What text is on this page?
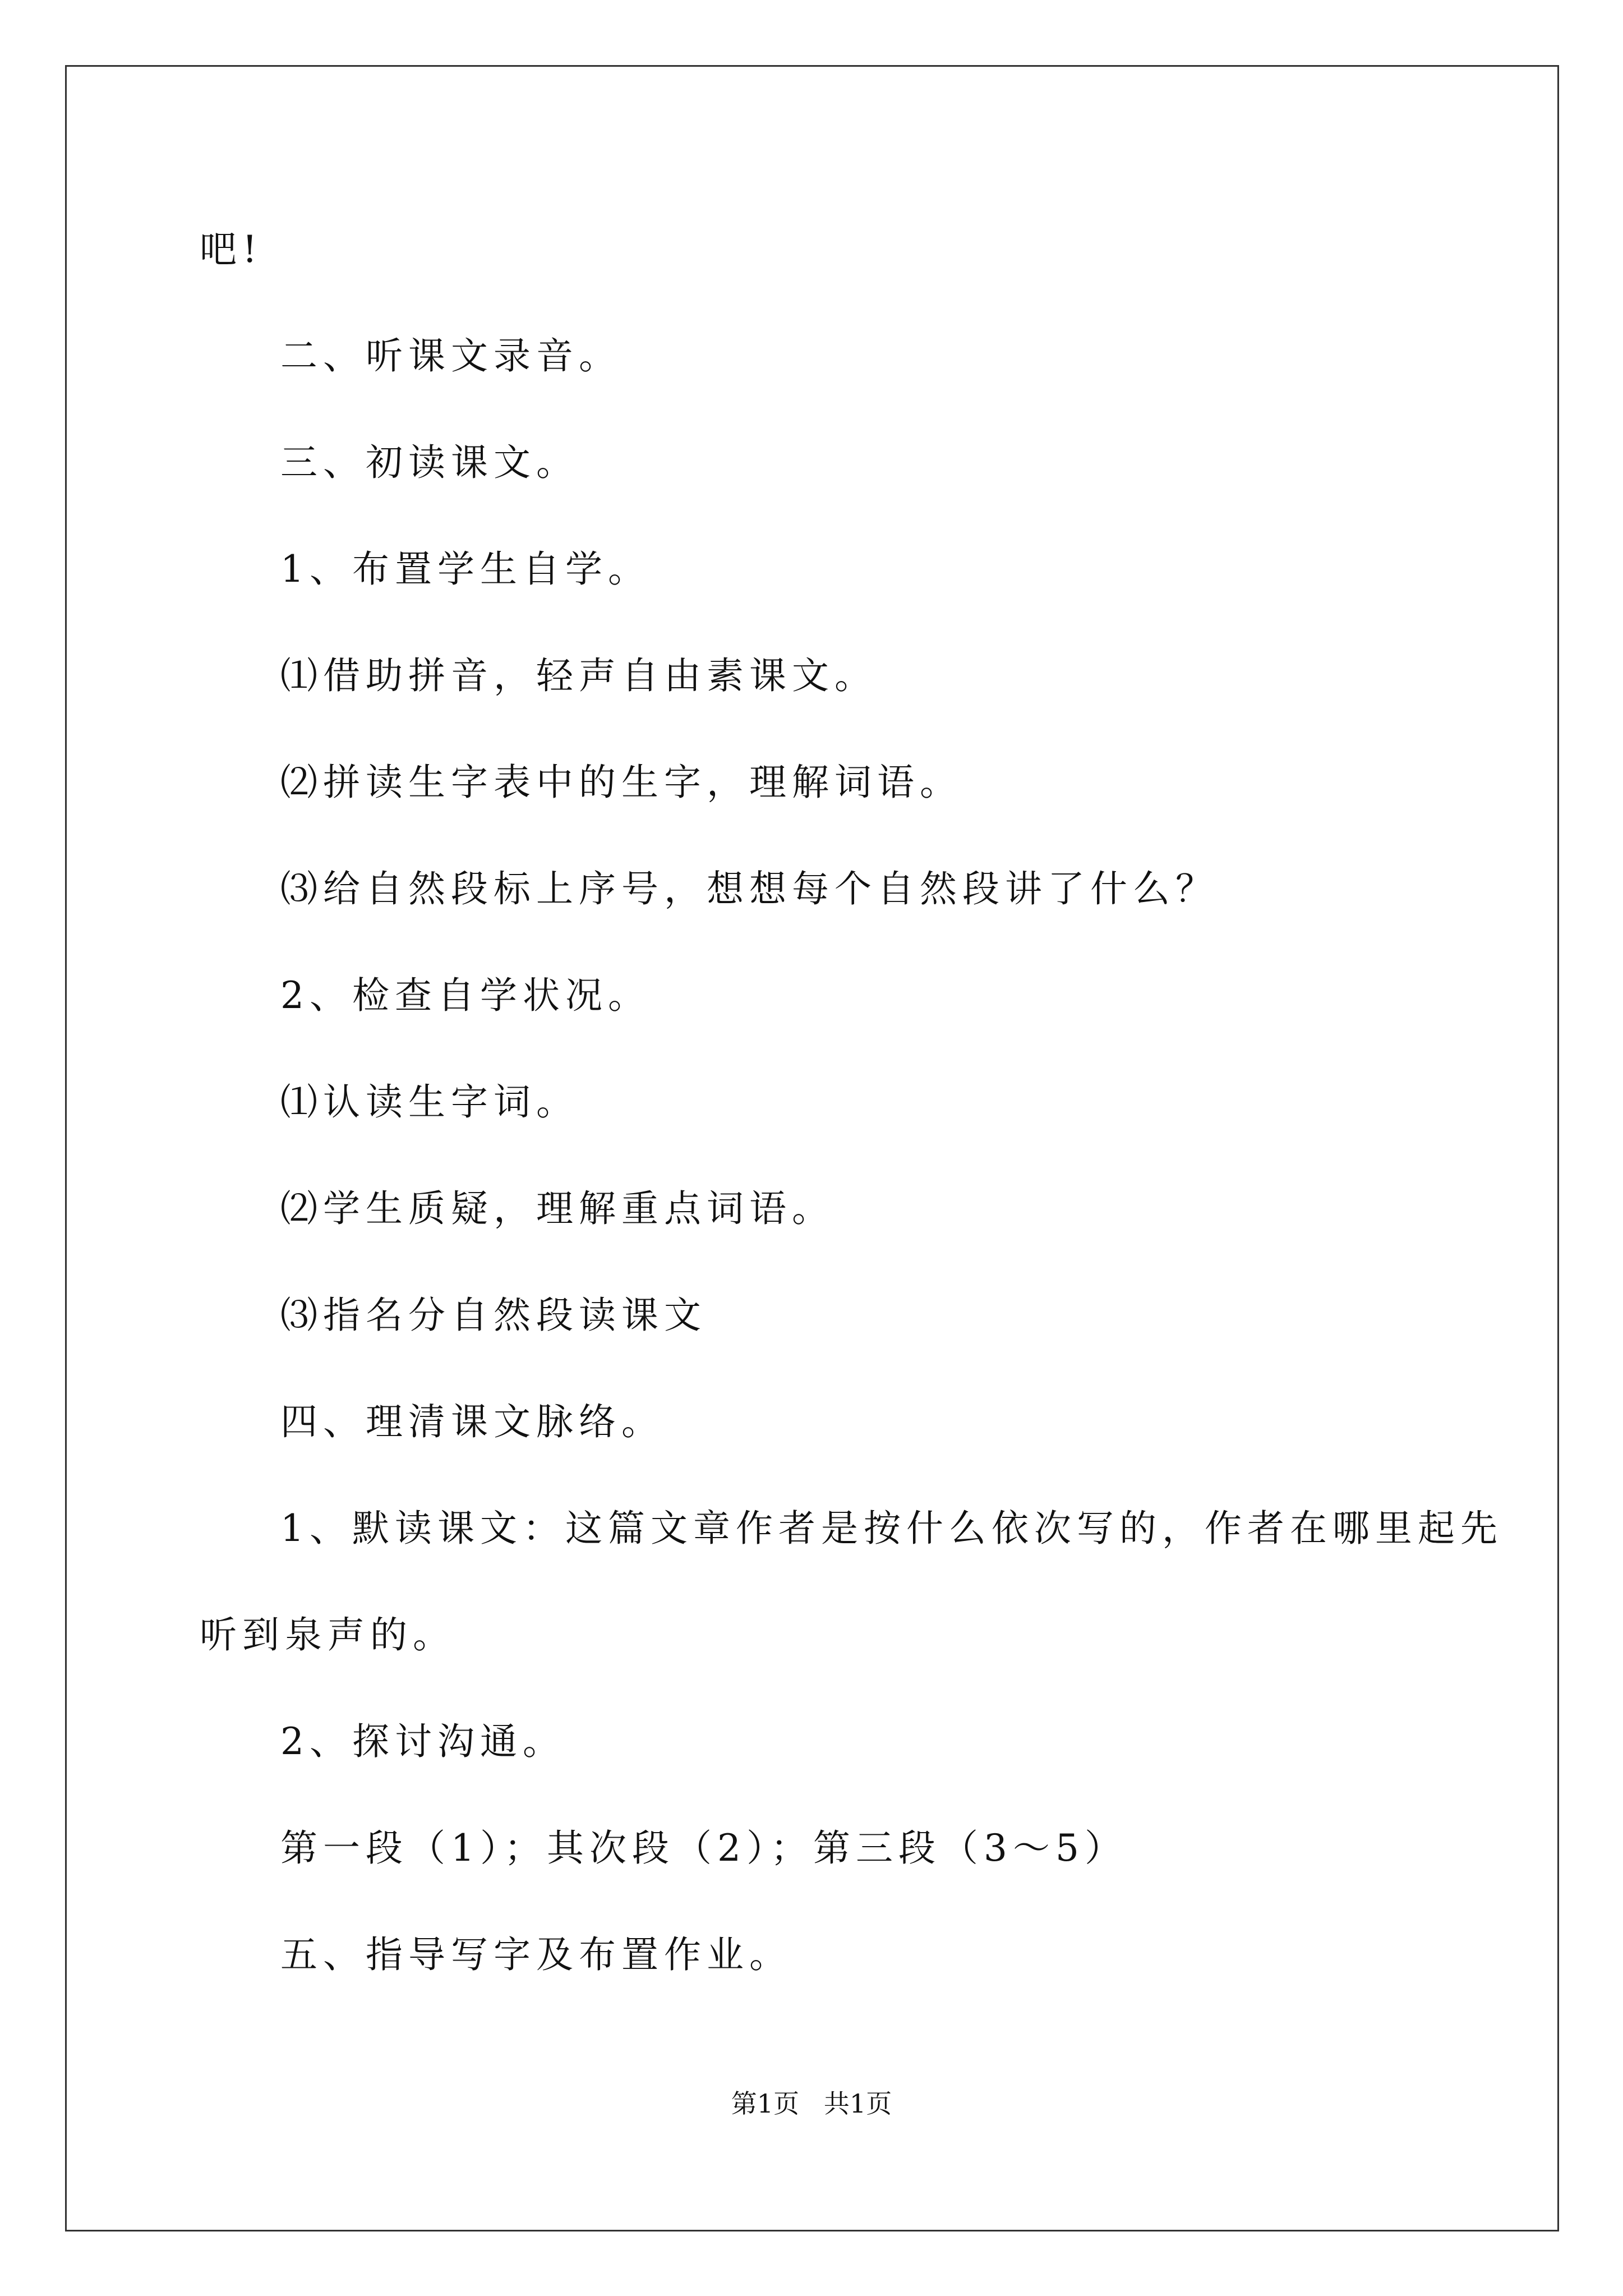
吧!
二、听课文录音。
三、初读课文。
1、布置学生自学。
⑴借助拼音，轻声自由素课文。
⑵拼读生字表中的生字，理解词语。
⑶给自然段标上序号，想想每个自然段讲了什么？
2、检查自学状况。
⑴认读生字词。
⑵学生质疑，理解重点词语。
⑶指名分自然段读课文
四、理清课文脉络。
1、默读课文：这篇文章作者是按什么依次写的，作者在哪里起先
听到泉声的。
2、探讨沟通。
第一段（1）；其次段（2）；第三段（3～5）
五、指导写字及布置作业。
第1页   共1页
